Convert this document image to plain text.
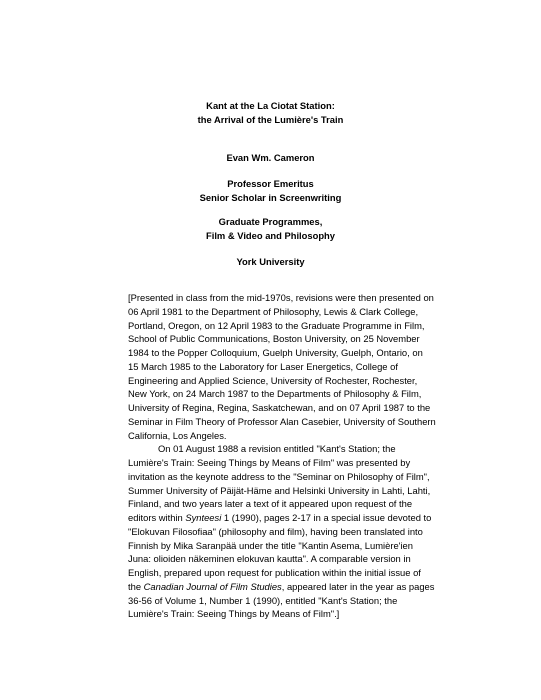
Kant at the La Ciotat Station:
the Arrival of the Lumière's Train
Evan Wm. Cameron
Professor Emeritus
Senior Scholar in Screenwriting
Graduate Programmes,
Film & Video and Philosophy
York University
[Presented in class from the mid-1970s, revisions were then presented on
06 April 1981 to the Department of Philosophy, Lewis & Clark College,
Portland, Oregon, on 12 April 1983 to the Graduate Programme in Film,
School of Public Communications, Boston University, on 25 November
1984 to the Popper Colloquium, Guelph University, Guelph, Ontario, on
15 March 1985 to the Laboratory for Laser Energetics, College of
Engineering and Applied Science, University of Rochester, Rochester,
New York, on 24 March 1987 to the Departments of Philosophy & Film,
University of Regina, Regina, Saskatchewan, and on 07 April 1987 to the
Seminar in Film Theory of Professor Alan Casebier, University of Southern
California, Los Angeles.
On 01 August 1988 a revision entitled "Kant's Station; the
Lumière's Train: Seeing Things by Means of Film" was presented by
invitation as the keynote address to the "Seminar on Philosophy of Film",
Summer University of Päijät-Häme and Helsinki University in Lahti, Lahti,
Finland, and two years later a text of it appeared upon request of the
editors within Synteesi 1 (1990), pages 2-17 in a special issue devoted to
"Elokuvan Filosofiaa" (philosophy and film), having been translated into
Finnish by Mika Saranpää under the title "Kantin Asema, Lumière'ien
Juna: olioiden näkeminen elokuvan kautta". A comparable version in
English, prepared upon request for publication within the initial issue of
the Canadian Journal of Film Studies, appeared later in the year as pages
36-56 of Volume 1, Number 1 (1990), entitled "Kant's Station; the
Lumière's Train: Seeing Things by Means of Film".]
